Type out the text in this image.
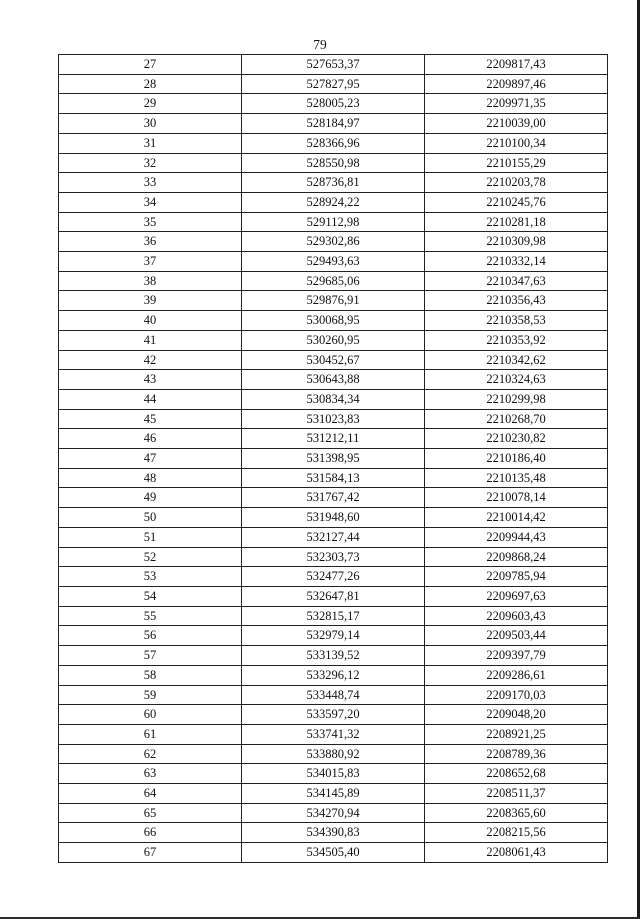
79
27	527653,37	2209817,43
28	527827,95	2209897,46
29	528005,23	2209971,35
30	528184,97	2210039,00
31	528366,96	2210100,34
32	528550,98	2210155,29
33	528736,81	2210203,78
34	528924,22	2210245,76
35	529112,98	2210281,18
36	529302,86	2210309,98
37	529493,63	2210332,14
38	529685,06	2210347,63
39	529876,91	2210356,43
40	530068,95	2210358,53
41	530260,95	2210353,92
42	530452,67	2210342,62
43	530643,88	2210324,63
44	530834,34	2210299,98
45	531023,83	2210268,70
46	531212,11	2210230,82
47	531398,95	2210186,40
48	531584,13	2210135,48
49	531767,42	2210078,14
50	531948,60	2210014,42
51	532127,44	2209944,43
52	532303,73	2209868,24
53	532477,26	2209785,94
54	532647,81	2209697,63
55	532815,17	2209603,43
56	532979,14	2209503,44
57	533139,52	2209397,79
58	533296,12	2209286,61
59	533448,74	2209170,03
60	533597,20	2209048,20
61	533741,32	2208921,25
62	533880,92	2208789,36
63	534015,83	2208652,68
64	534145,89	2208511,37
65	534270,94	2208365,60
66	534390,83	2208215,56
67	534505,40	2208061,43
